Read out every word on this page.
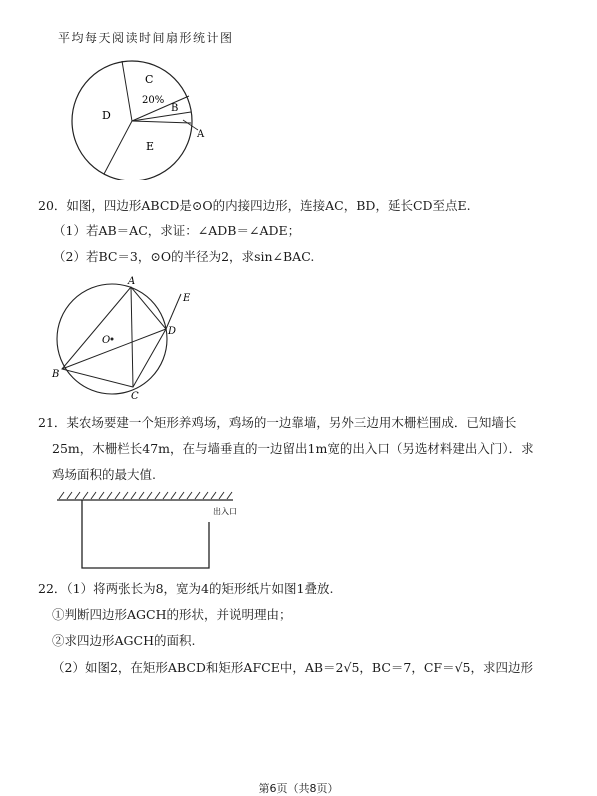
平均每天阅读时间扇形统计图
C
20%
B
A
D
E
20．如图，四边形ABCD是⊙O的内接四边形，连接AC，BD，延长CD至点E.
（1）若AB＝AC，求证：∠ADB＝∠ADE；
（2）若BC＝3，⊙O的半径为2，求sin∠BAC.
A
E
O
D
B
C
21．某农场要建一个矩形养鸡场，鸡场的一边靠墙，另外三边用木栅栏围成．已知墙长
25m，木栅栏长47m，在与墙垂直的一边留出1m宽的出入口（另选材料建出入门）．求
鸡场面积的最大值.
出入口
22．（1）将两张长为8，宽为4的矩形纸片如图1叠放.
①判断四边形AGCH的形状，并说明理由；
②求四边形AGCH的面积.
（2）如图2，在矩形ABCD和矩形AFCE中，AB＝2√5，BC＝7，CF＝√5，求四边形
第6页（共8页）
